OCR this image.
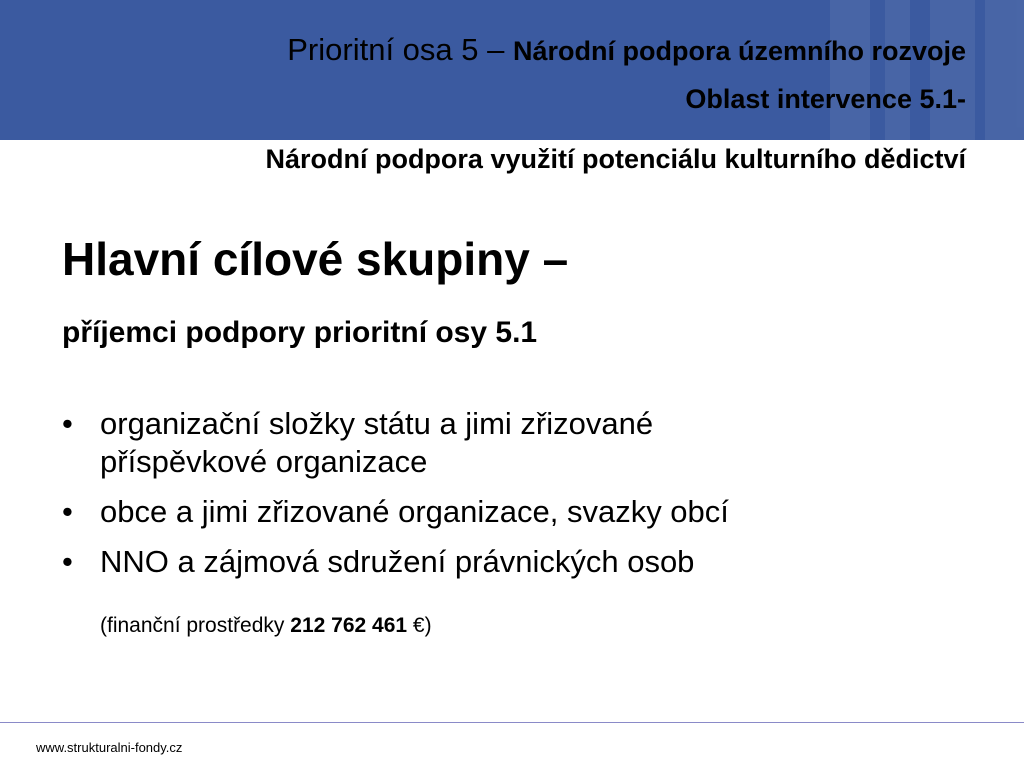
Prioritní osa 5 – Národní podpora územního rozvoje
Oblast intervence 5.1-
Národní podpora využití potenciálu kulturního dědictví
Hlavní cílové skupiny –
příjemci podpory prioritní osy 5.1
• organizační složky státu a jimi zřizované
příspěvkové organizace
• obce a jimi zřizované organizace, svazky obcí
• NNO a zájmová sdružení právnických osob
(finanční prostředky 212 762 461 €)
www.strukturalni-fondy.cz
